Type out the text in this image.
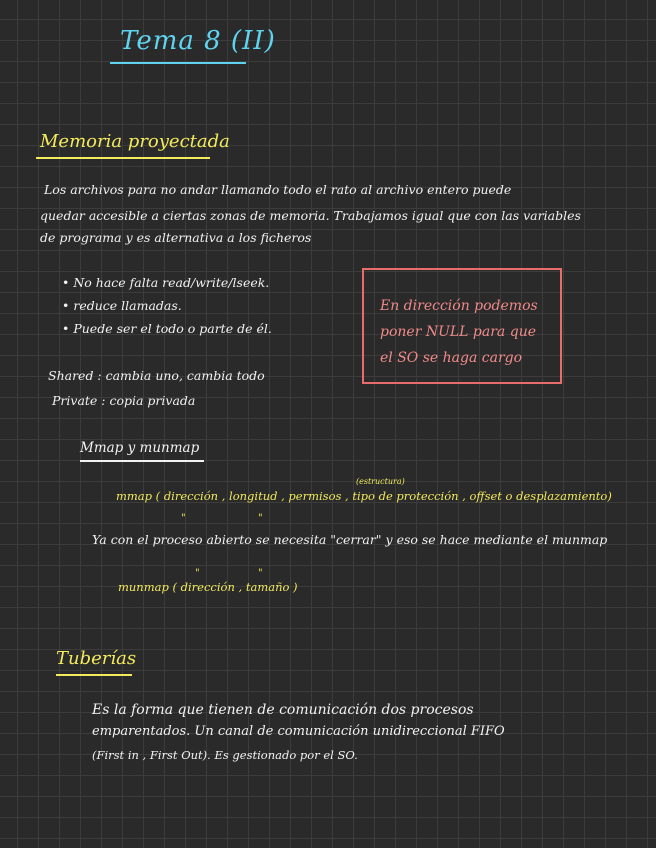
Tema 8 (II)
Memoria proyectada
Los archivos para no andar llamando todo el rato al archivo entero puede
quedar accesible a ciertas zonas de memoria. Trabajamos igual que con las variables
de programa y es alternativa a los ficheros
• No hace falta read/write/lseek.
• reduce llamadas.
• Puede ser el todo o parte de él.
En dirección podemos
poner NULL para que
el SO se haga cargo
Shared : cambia uno, cambia todo
Private : copia privada
Mmap y munmap
(estructura)
mmap ( dirección , longitud , permisos , tipo de protección , offset o desplazamiento)
"	"
Ya con el proceso abierto se necesita "cerrar" y eso se hace mediante el munmap
"	"
munmap ( dirección , tamaño )
Tuberías
Es la forma que tienen de comunicación dos procesos
emparentados. Un canal de comunicación unidireccional FIFO
(First in , First Out). Es gestionado por el SO.
